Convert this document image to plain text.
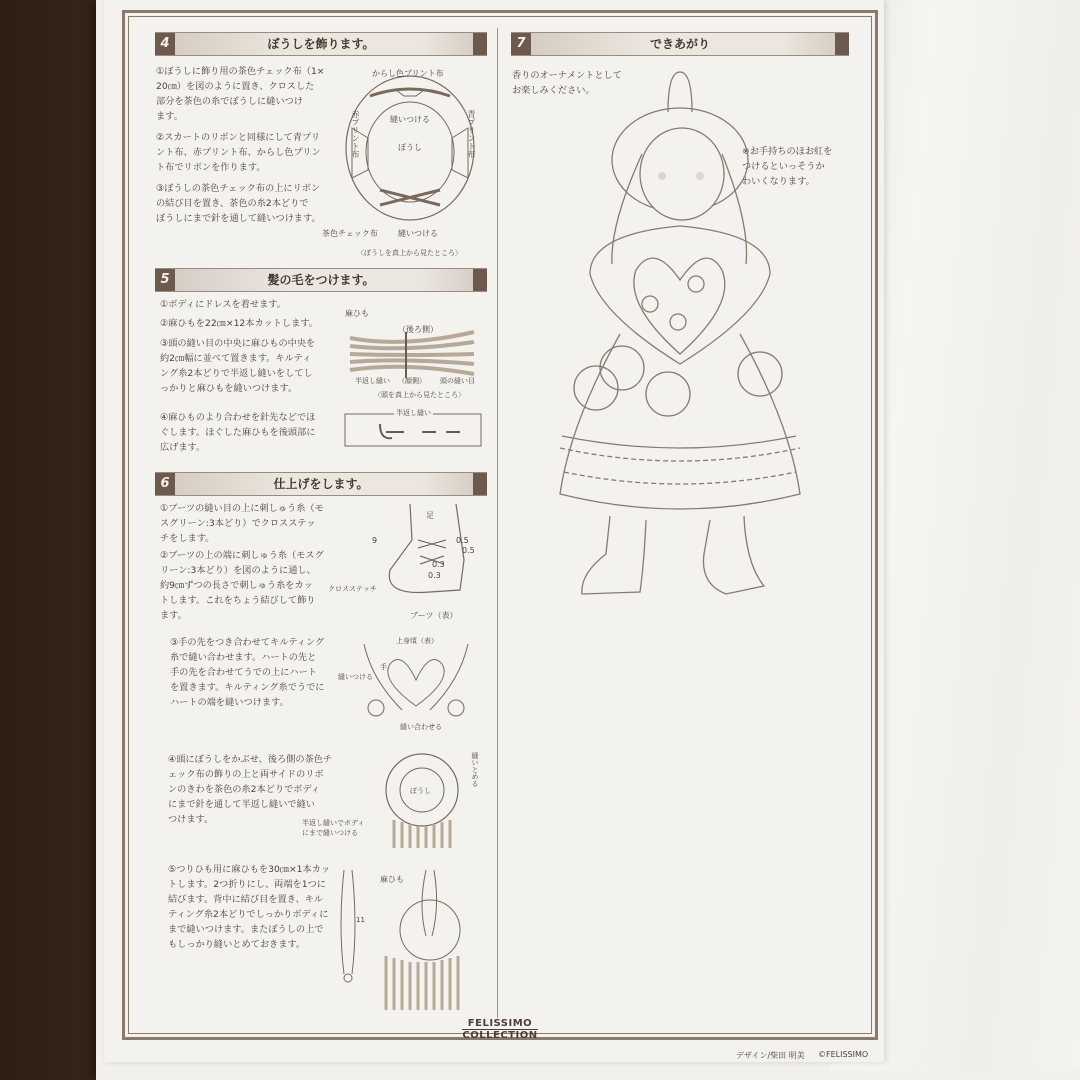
4	ぼうしを飾ります。
①ぼうしに飾り用の茶色チェック布（1×
20㎝）を図のように置き、クロスした
部分を茶色の糸でぼうしに縫いつけ
ます。
②スカートのリボンと同様にして青プリ
ント布、赤プリント布、からし色プリン
ト布でリボンを作ります。
③ぼうしの茶色チェック布の上にリボン
の結び目を置き、茶色の糸2本どりで
ぼうしにまで針を通して縫いつけます。
からし色プリント布
赤プリント布	青プリント布
縫いつける
ぼうし
茶色チェック布	縫いつける
〈ぼうしを真上から見たところ〉
5	髪の毛をつけます。
①ボディにドレスを着せます。
②麻ひもを22㎝×12本カットします。
③頭の縫い目の中央に麻ひもの中央を
約2㎝幅に並べて置きます。キルティ
ング糸2本どりで半返し縫いをしてし
っかりと麻ひもを縫いつけます。
④麻ひものより合わせを針先などでほ
ぐします。ほぐした麻ひもを後頭部に
広げます。
麻ひも
（後ろ側）
半返し縫い （顔側） 頭の縫い目
〈頭を真上から見たところ〉
半返し縫い
6	仕上げをします。
①ブーツの縫い目の上に刺しゅう糸（モ
スグリーン:3本どり）でクロスステッ
チをします。
②ブーツの上の端に刺しゅう糸（モスグ
リーン:3本どり）を図のように通し、
約9㎝ずつの長さで刺しゅう糸をカッ
トします。これをちょう結びして飾り
ます。
③手の先をつき合わせてキルティング
糸で縫い合わせます。ハートの先と
手の先を合わせてうでの上にハート
を置きます。キルティング糸でうでに
ハートの端を縫いつけます。
④頭にぼうしをかぶせ、後ろ側の茶色チ
ェック布の飾りの上と両サイドのリボ
ンのきわを茶色の糸2本どりでボディ
にまで針を通して半返し縫いで縫い
つけます。
⑤つりひも用に麻ひもを30㎝×1本カッ
トします。2つ折りにし、両端を1つに
結びます。背中に結び目を置き、キル
ティング糸2本どりでしっかりボディに
まで縫いつけます。またぼうしの上で
もしっかり縫いとめておきます。
足
9	0.5
0.5
0.3
0.3
クロスステッチ
ブーツ（表）
上身頃（表）
手
縫いつける
縫い合わせる
ぼうし
縫いとめる
半返し縫いでボディ
にまで縫いつける
麻ひも
11
7	できあがり
香りのオーナメントとして
お楽しみください。
※お手持ちのほお紅を
つけるといっそうか
わいくなります。
FELISSIMO
COLLECTION
デザイン/柴田 明美 ©FELISSIMO
